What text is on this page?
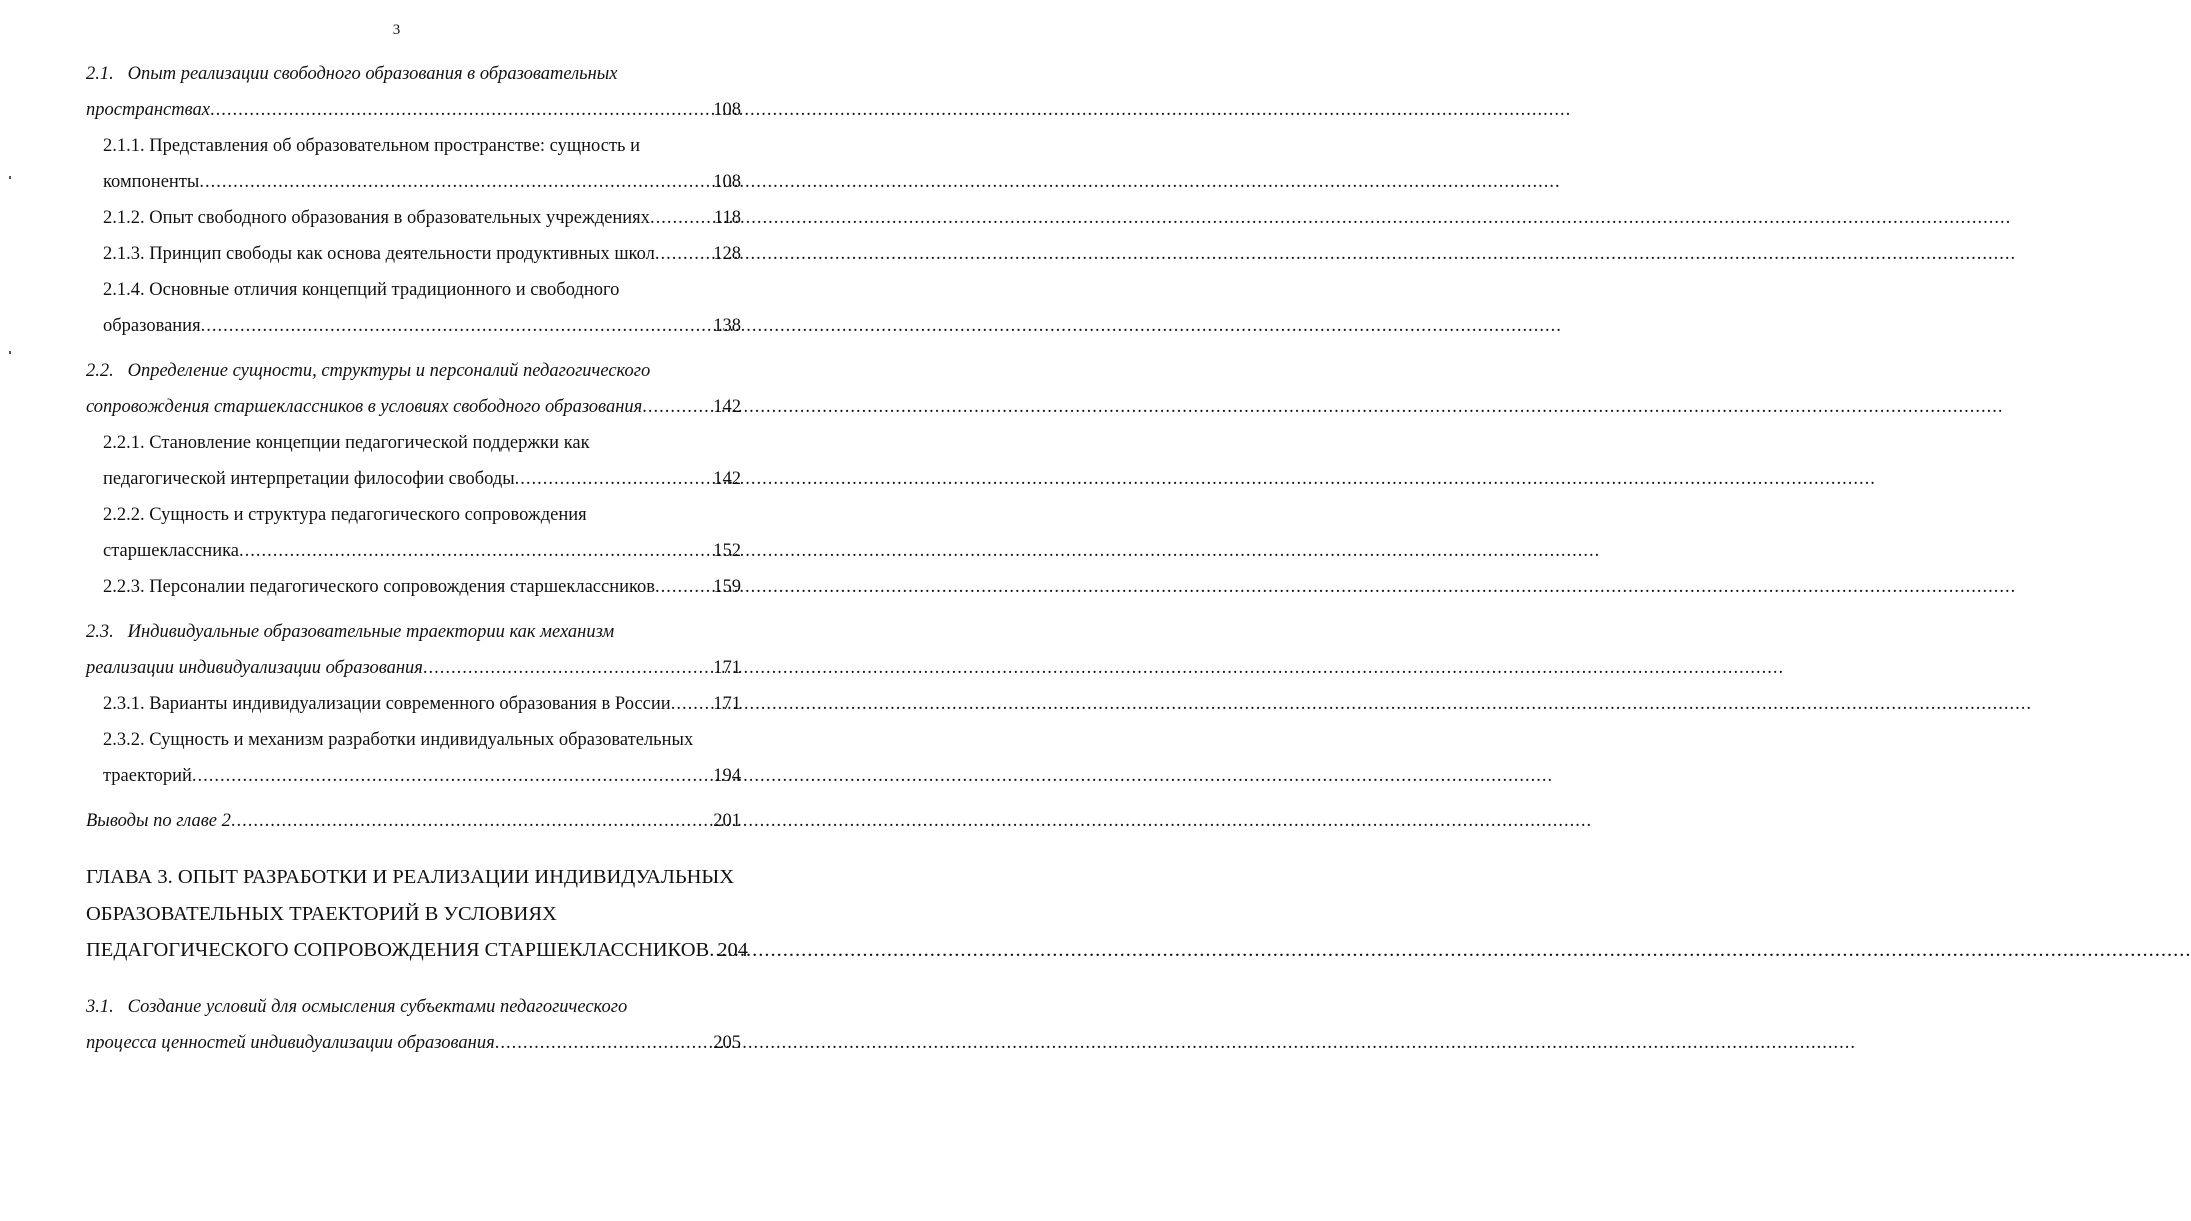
3
2.1.   Опыт реализации свободного образования в образовательных
пространствах .....	108
2.1.1. Представления об образовательном пространстве: сущность и
компоненты .....	108
2.1.2. Опыт свободного образования в образовательных учреждениях .....	118
2.1.3. Принцип свободы как основа деятельности продуктивных школ .....	128
2.1.4. Основные отличия концепций традиционного и свободного
образования .....	138
2.2.   Определение сущности, структуры и персоналий педагогического
сопровождения старшеклассников в условиях свободного образования .....	142
2.2.1. Становление концепции педагогической поддержки как
педагогической интерпретации философии свободы .....	142
2.2.2. Сущность и структура педагогического сопровождения
старшеклассника .....	152
2.2.3. Персоналии педагогического сопровождения старшеклассников .....	159
2.3.   Индивидуальные образовательные траектории как механизм
реализации индивидуализации образования .....	171
2.3.1. Варианты индивидуализации современного образования в России ..... 171
2.3.2. Сущность и механизм разработки индивидуальных образовательных
траекторий .....	194
Выводы по главе 2 .....	201
ГЛАВА 3. ОПЫТ РАЗРАБОТКИ И РЕАЛИЗАЦИИ ИНДИВИДУАЛЬНЫХ
ОБРАЗОВАТЕЛЬНЫХ ТРАЕКТОРИЙ В УСЛОВИЯХ
ПЕДАГОГИЧЕСКОГО СОПРОВОЖДЕНИЯ СТАРШЕКЛАССНИКОВ ..... 204
3.1.   Создание условий для осмысления субъектами педагогического
процесса ценностей индивидуализации образования .....	205
